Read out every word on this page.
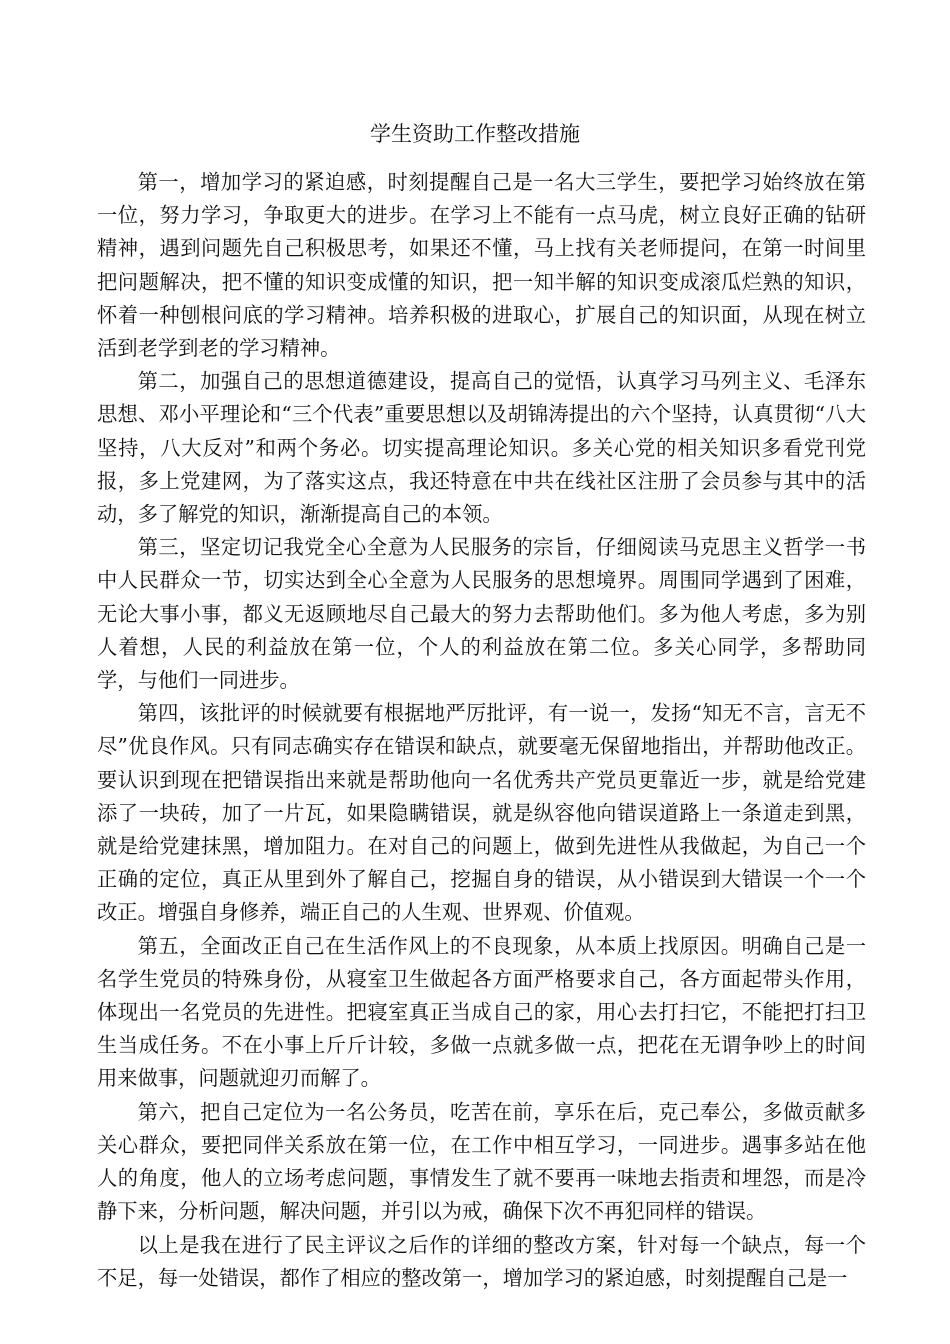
学生资助工作整改措施

第一，增加学习的紧迫感，时刻提醒自己是一名大三学生，要把学习始终放在第一位，努力学习，争取更大的进步。在学习上不能有一点马虎，树立良好正确的钻研精神，遇到问题先自己积极思考，如果还不懂，马上找有关老师提问，在第一时间里把问题解决，把不懂的知识变成懂的知识，把一知半解的知识变成滚瓜烂熟的知识，怀着一种刨根问底的学习精神。培养积极的进取心，扩展自己的知识面，从现在树立活到老学到老的学习精神。

第二，加强自己的思想道德建设，提高自己的觉悟，认真学习马列主义、毛泽东思想、邓小平理论和“三个代表”重要思想以及胡锦涛提出的六个坚持，认真贯彻“八大坚持，八大反对”和两个务必。切实提高理论知识。多关心党的相关知识多看党刊党报，多上党建网，为了落实这点，我还特意在中共在线社区注册了会员参与其中的活动，多了解党的知识，渐渐提高自己的本领。

第三，坚定切记我党全心全意为人民服务的宗旨，仔细阅读马克思主义哲学一书中人民群众一节，切实达到全心全意为人民服务的思想境界。周围同学遇到了困难，无论大事小事，都义无返顾地尽自己最大的努力去帮助他们。多为他人考虑，多为别人着想，人民的利益放在第一位，个人的利益放在第二位。多关心同学，多帮助同学，与他们一同进步。

第四，该批评的时候就要有根据地严厉批评，有一说一，发扬“知无不言，言无不尽”优良作风。只有同志确实存在错误和缺点，就要毫无保留地指出，并帮助他改正。要认识到现在把错误指出来就是帮助他向一名优秀共产党员更靠近一步，就是给党建添了一块砖，加了一片瓦，如果隐瞒错误，就是纵容他向错误道路上一条道走到黑，就是给党建抹黑，增加阻力。在对自己的问题上，做到先进性从我做起，为自己一个正确的定位，真正从里到外了解自己，挖掘自身的错误，从小错误到大错误一个一个改正。增强自身修养，端正自己的人生观、世界观、价值观。

第五，全面改正自己在生活作风上的不良现象，从本质上找原因。明确自己是一名学生党员的特殊身份，从寝室卫生做起各方面严格要求自己，各方面起带头作用，体现出一名党员的先进性。把寝室真正当成自己的家，用心去打扫它，不能把打扫卫生当成任务。不在小事上斤斤计较，多做一点就多做一点，把花在无谓争吵上的时间用来做事，问题就迎刃而解了。

第六，把自己定位为一名公务员，吃苦在前，享乐在后，克己奉公，多做贡献多关心群众，要把同伴关系放在第一位，在工作中相互学习，一同进步。遇事多站在他人的角度，他人的立场考虑问题，事情发生了就不要再一味地去指责和埋怨，而是冷静下来，分析问题，解决问题，并引以为戒，确保下次不再犯同样的错误。

以上是我在进行了民主评议之后作的详细的整改方案，针对每一个缺点，每一个不足，每一处错误，都作了相应的整改第一，增加学习的紧迫感，时刻提醒自己是一
